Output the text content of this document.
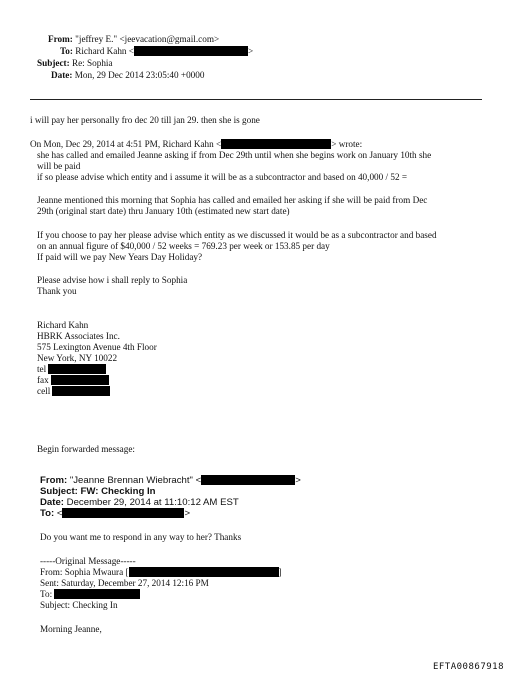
From: "jeffrey E." <jeevacation@gmail.com>
To: Richard Kahn <	>
Subject: Re: Sophia
Date: Mon, 29 Dec 2014 23:05:40 +0000
i will pay her personally fro dec 20 till jan 29. then she is gone
On Mon, Dec 29, 2014 at 4:51 PM, Richard Kahn <	> wrote:
she has called and emailed Jeanne asking if from Dec 29th until when she begins work on January 10th she
will be paid
if so please advise which entity and i assume it will be as a subcontractor and based on 40,000 / 52 =
Jeanne mentioned this morning that Sophia has called and emailed her asking if she will be paid from Dec
29th (original start date) thru January 10th (estimated new start date)
If you choose to pay her please advise which entity as we discussed it would be as a subcontractor and based
on an annual figure of $40,000 / 52 weeks = 769.23 per week or 153.85 per day
If paid will we pay New Years Day Holiday?
Please advise how i shall reply to Sophia
Thank you
Richard Kahn
HBRK Associates Inc.
575 Lexington Avenue 4th Floor
New York, NY 10022
tel
fax
cell
Begin forwarded message:
From: "Jeanne Brennan Wiebracht" <	>
Subject: FW: Checking In
Date: December 29, 2014 at 11:10:12 AM EST
To: <	>
Do you want me to respond in any way to her? Thanks
-----Original Message-----
From: Sophia Mwaura [	]
Sent: Saturday, December 27, 2014 12:16 PM
To:
Subject: Checking In
Morning Jeanne,
EFTA00867918
